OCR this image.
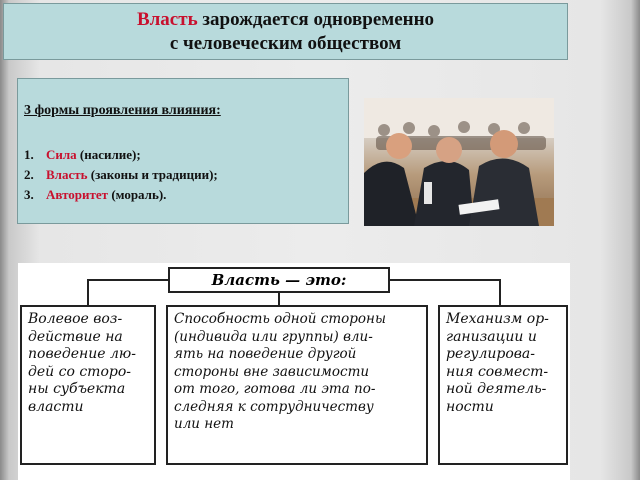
Власть зарождается одновременно
с человеческим обществом
3 формы проявления влияния:
1. Сила (насилие);
2. Власть (законы и традиции);
3. Авторитет (мораль).
Власть — это:
Волевое воз-
действие на
поведение лю-
дей со сторо-
ны субъекта
власти
Способность одной стороны
(индивида или группы) вли-
ять на поведение другой
стороны вне зависимости
от того, готова ли эта по-
следняя к сотрудничеству
или нет
Механизм ор-
ганизации и
регулирова-
ния совмест-
ной деятель-
ности
